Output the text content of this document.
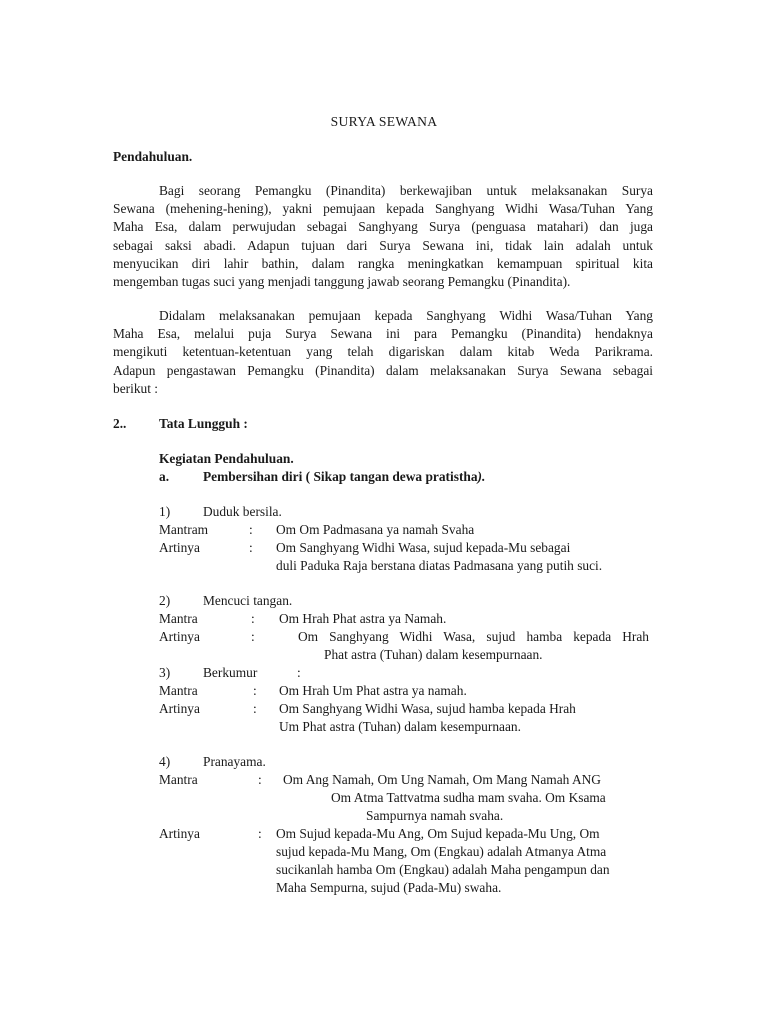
SURYA SEWANA
Pendahuluan.
Bagi seorang Pemangku (Pinandita) berkewajiban untuk melaksanakan Surya
Sewana (mehening-hening), yakni pemujaan kepada Sanghyang Widhi Wasa/Tuhan Yang
Maha Esa, dalam perwujudan sebagai Sanghyang Surya (penguasa matahari) dan juga
sebagai saksi abadi. Adapun tujuan dari Surya Sewana ini, tidak lain adalah untuk
menyucikan diri lahir bathin, dalam rangka meningkatkan kemampuan spiritual kita
mengemban tugas suci yang menjadi tanggung jawab seorang Pemangku (Pinandita).
Didalam melaksanakan pemujaan kepada Sanghyang Widhi Wasa/Tuhan Yang
Maha Esa, melalui puja Surya Sewana ini para Pemangku (Pinandita) hendaknya
mengikuti ketentuan-ketentuan yang telah digariskan dalam kitab Weda Parikrama.
Adapun pengastawan Pemangku (Pinandita) dalam melaksanakan Surya Sewana sebagai
berikut :
2.. Tata Lungguh :
Kegiatan Pendahuluan.
a.	Pembersihan diri ( Sikap tangan dewa pratistha).
1) Duduk bersila.
Mantram	: Om Om Padmasana ya namah Svaha
Artinya	: Om Sanghyang Widhi Wasa, sujud kepada-Mu sebagai
duli Paduka Raja berstana diatas Padmasana yang putih suci.
2) Mencuci tangan.
Mantra	: Om Hrah Phat astra ya Namah.
Artinya	:	Om Sanghyang Widhi Wasa, sujud hamba kepada Hrah
Phat astra (Tuhan) dalam kesempurnaan.
3) Berkumur	:
Mantra	: Om Hrah Um Phat astra ya namah.
Artinya	: Om Sanghyang Widhi Wasa, sujud hamba kepada Hrah
Um Phat astra (Tuhan) dalam kesempurnaan.
4) Pranayama.
Mantra	: Om Ang Namah, Om Ung Namah, Om Mang Namah ANG
Om Atma Tattvatma sudha mam svaha. Om Ksama
Sampurnya namah svaha.
Artinya	: Om Sujud kepada-Mu Ang, Om Sujud kepada-Mu Ung, Om
sujud kepada-Mu Mang, Om (Engkau) adalah Atmanya Atma
sucikanlah hamba Om (Engkau) adalah Maha pengampun dan
Maha Sempurna, sujud (Pada-Mu) swaha.
